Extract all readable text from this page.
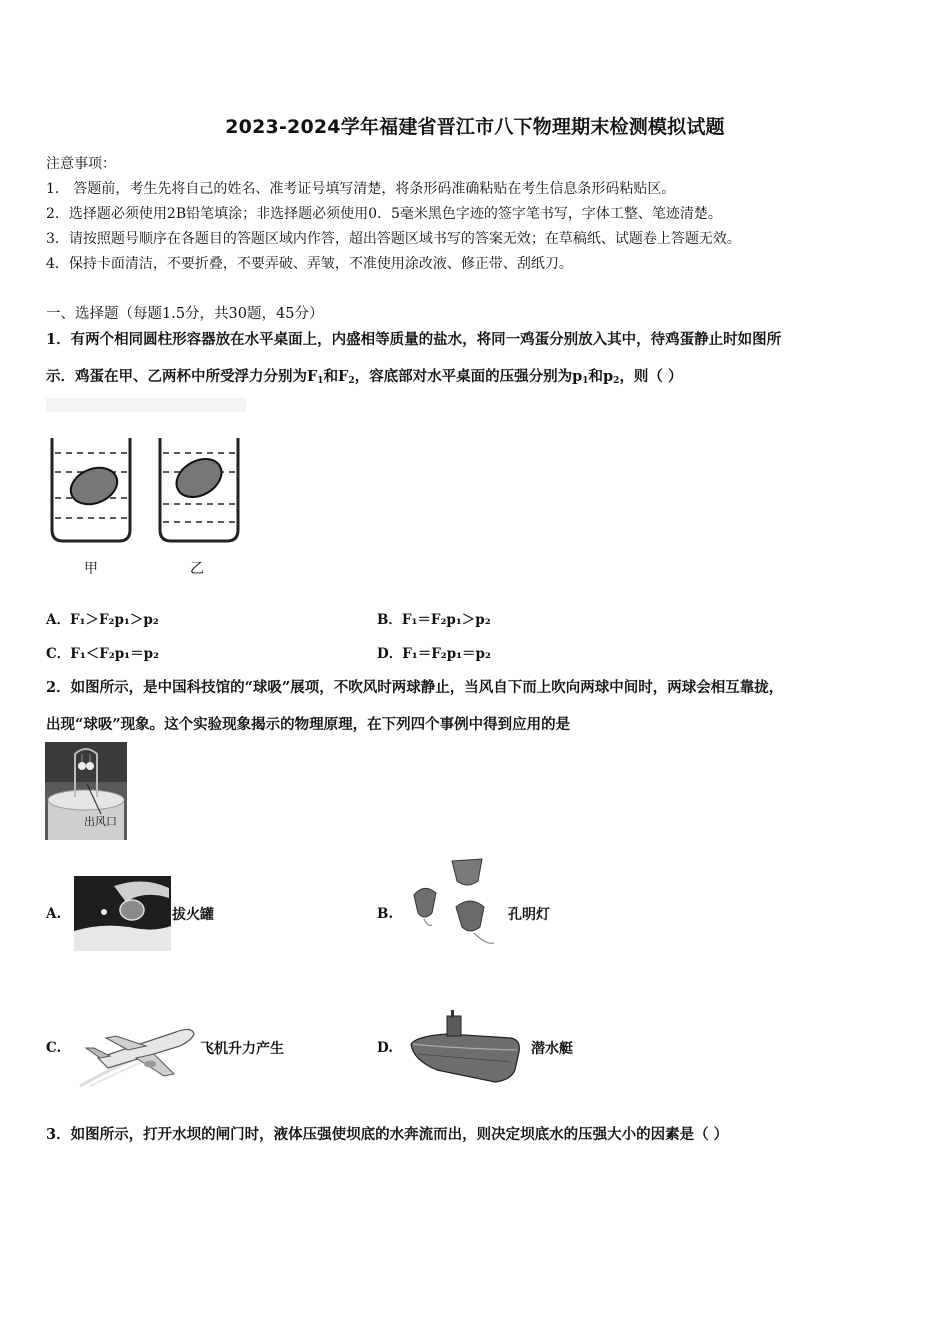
2023-2024学年福建省晋江市八下物理期末检测模拟试题
注意事项：
1． 答题前，考生先将自己的姓名、准考证号填写清楚，将条形码准确粘贴在考生信息条形码粘贴区。
2．选择题必须使用2B铅笔填涂；非选择题必须使用0．5毫米黑色字迹的签字笔书写，字体工整、笔迹清楚。
3．请按照题号顺序在各题目的答题区域内作答，超出答题区域书写的答案无效；在草稿纸、试题卷上答题无效。
4．保持卡面清洁，不要折叠，不要弄破、弄皱，不准使用涂改液、修正带、刮纸刀。
一、选择题（每题1.5分，共30题，45分）
1．有两个相同圆柱形容器放在水平桌面上，内盛相等质量的盐水，将同一鸡蛋分别放入其中，待鸡蛋静止时如图所
示．鸡蛋在甲、乙两杯中所受浮力分别为$F_1$和$F_2$，容底部对水平桌面的压强分别为$p_1$和$p_2$，则（ ）
甲	乙
A．F₁＞F₂p₁＞p₂	B．F₁＝F₂p₁＞p₂
C．F₁＜F₂p₁＝p₂	D．F₁＝F₂p₁＝p₂
2．如图所示，是中国科技馆的“球吸”展项，不吹风时两球静止，当风自下而上吹向两球中间时，两球会相互靠拢，
出现“球吸”现象。这个实验现象揭示的物理原理，在下列四个事例中得到应用的是
出风口
A.	拔火罐	B.	孔明灯
C.	飞机升力产生	D.	潜水艇
3．如图所示，打开水坝的闸门时，液体压强使坝底的水奔流而出，则决定坝底水的压强大小的因素是（ ）
